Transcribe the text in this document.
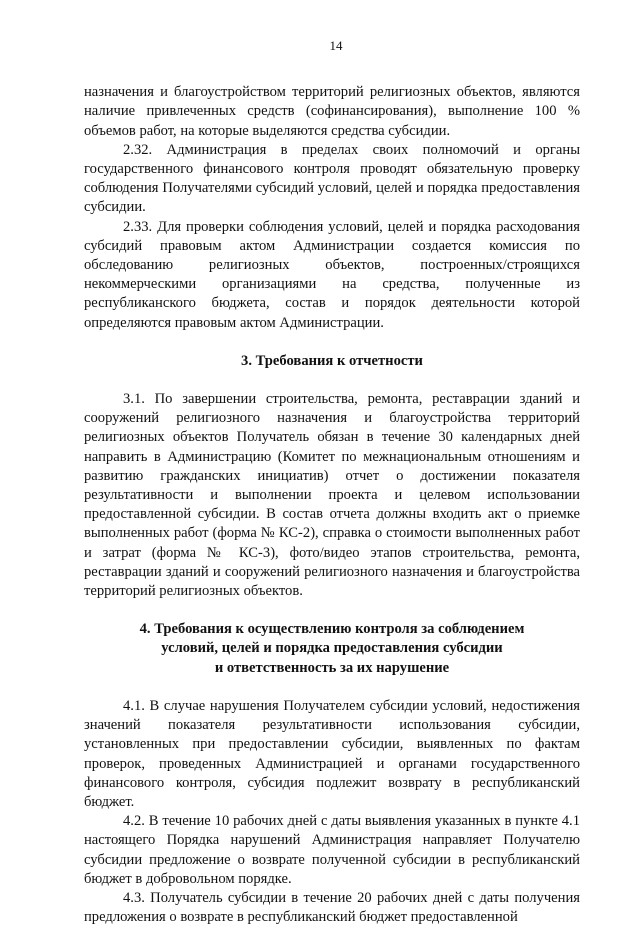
14

назначения и благоустройством территорий религиозных объектов, являются наличие привлеченных средств (софинансирования), выполнение 100 % объемов работ, на которые выделяются средства субсидии.

2.32. Администрация в пределах своих полномочий и органы государственного финансового контроля проводят обязательную проверку соблюдения Получателями субсидий условий, целей и порядка предоставления субсидии.

2.33. Для проверки соблюдения условий, целей и порядка расходования субсидий правовым актом Администрации создается комиссия по обследованию религиозных объектов, построенных/строящихся некоммерческими организациями на средства, полученные из республиканского бюджета, состав и порядок деятельности которой определяются правовым актом Администрации.

3. Требования к отчетности

3.1. По завершении строительства, ремонта, реставрации зданий и сооружений религиозного назначения и благоустройства территорий религиозных объектов Получатель обязан в течение 30 календарных дней направить в Администрацию (Комитет по межнациональным отношениям и развитию гражданских инициатив) отчет о достижении показателя результативности и выполнении проекта и целевом использовании предоставленной субсидии. В состав отчета должны входить акт о приемке выполненных работ (форма № КС-2), справка о стоимости выполненных работ и затрат (форма № КС-3), фото/видео этапов строительства, ремонта, реставрации зданий и сооружений религиозного назначения и благоустройства территорий религиозных объектов.

4. Требования к осуществлению контроля за соблюдением
условий, целей и порядка предоставления субсидии
и ответственность за их нарушение

4.1. В случае нарушения Получателем субсидии условий, недостижения значений показателя результативности использования субсидии, установленных при предоставлении субсидии, выявленных по фактам проверок, проведенных Администрацией и органами государственного финансового контроля, субсидия подлежит возврату в республиканский бюджет.

4.2. В течение 10 рабочих дней с даты выявления указанных в пункте 4.1 настоящего Порядка нарушений Администрация направляет Получателю субсидии предложение о возврате полученной субсидии в республиканский бюджет в добровольном порядке.

4.3. Получатель субсидии в течение 20 рабочих дней с даты получения предложения о возврате в республиканский бюджет предоставленной
